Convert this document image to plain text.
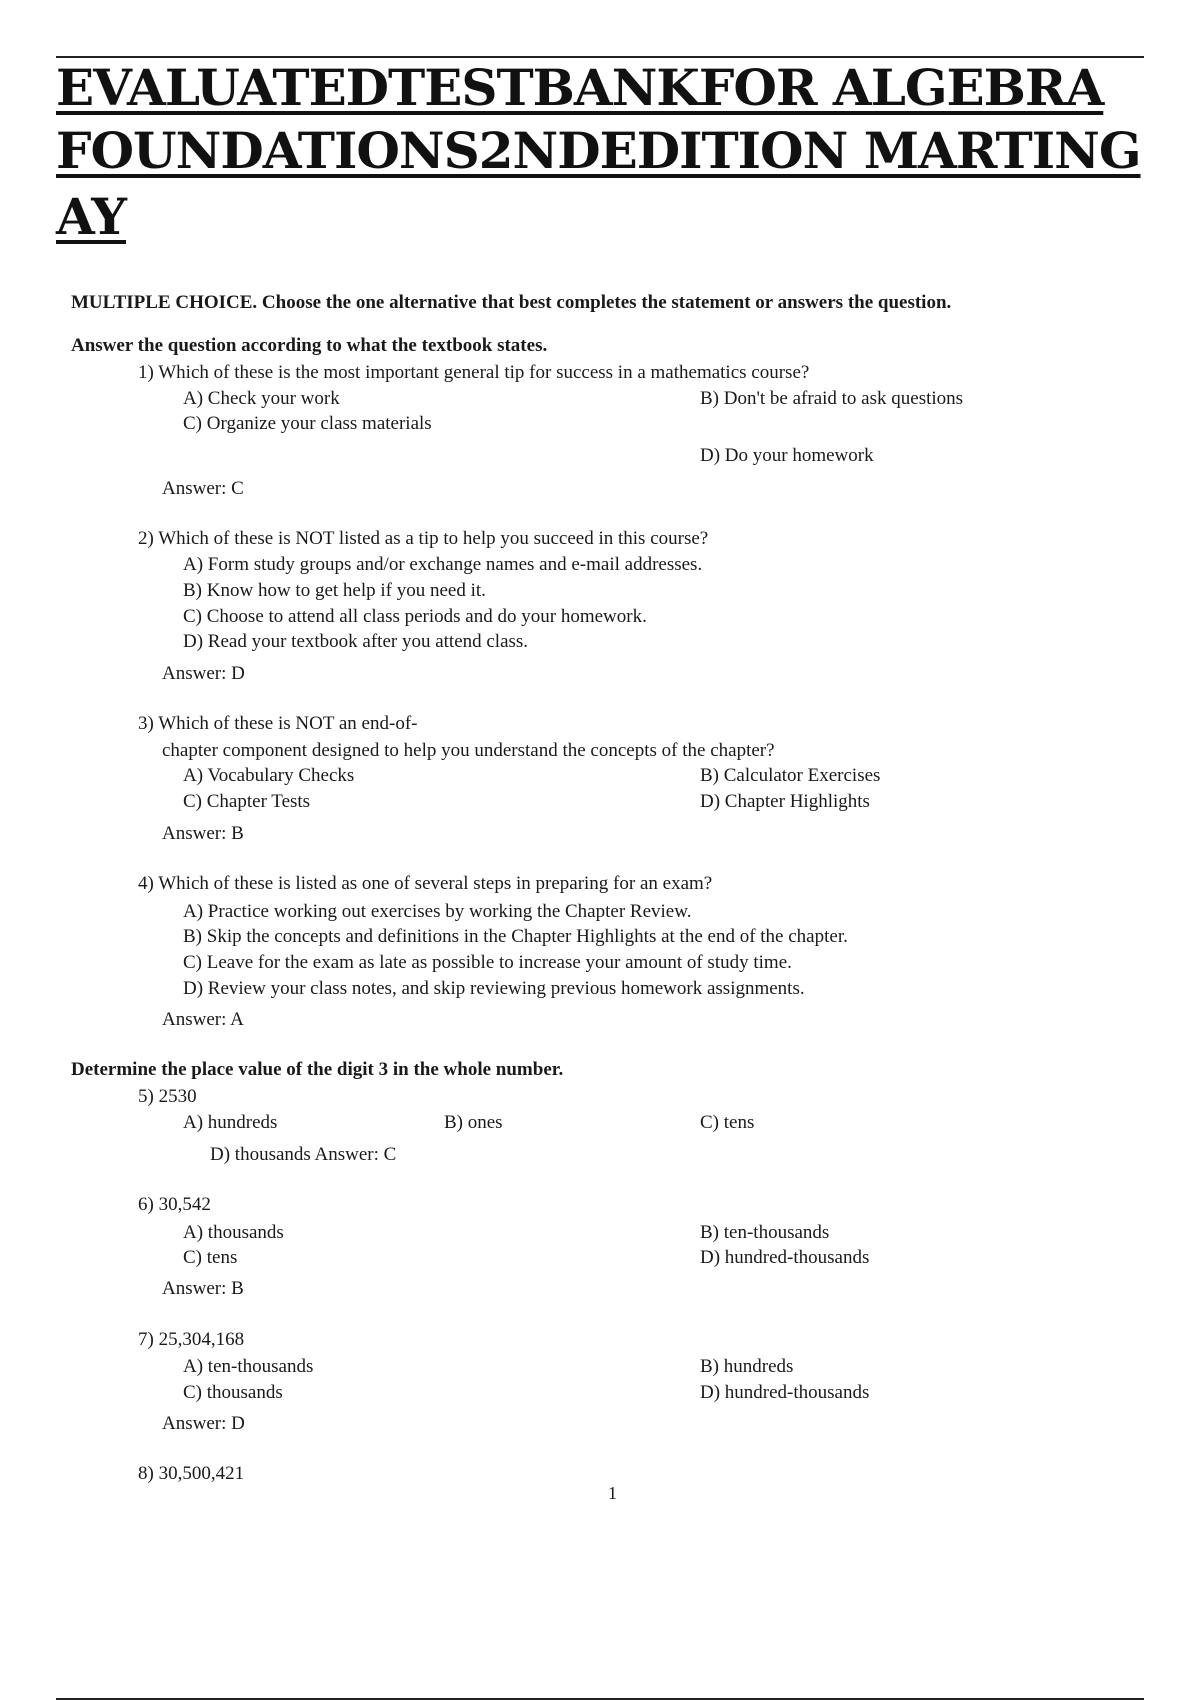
EVALUATEDTESTBANKFOR ALGEBRA
FOUNDATIONS2NDEDITION MARTING
AY
MULTIPLE CHOICE. Choose the one alternative that best completes the statement or answers the question.
Answer the question according to what the textbook states.
1) Which of these is the most important general tip for success in a mathematics course?
A) Check your work	B) Don't be afraid to ask questions
C) Organize your class materials
D) Do your homework
Answer: C
2) Which of these is NOT listed as a tip to help you succeed in this course?
A) Form study groups and/or exchange names and e-mail addresses.
B) Know how to get help if you need it.
C) Choose to attend all class periods and do your homework.
D) Read your textbook after you attend class.
Answer: D
3) Which of these is NOT an end-of-
chapter component designed to help you understand the concepts of the chapter?
A) Vocabulary Checks	B) Calculator Exercises
C) Chapter Tests	D) Chapter Highlights
Answer: B
4) Which of these is listed as one of several steps in preparing for an exam?
A) Practice working out exercises by working the Chapter Review.
B) Skip the concepts and definitions in the Chapter Highlights at the end of the chapter.
C) Leave for the exam as late as possible to increase your amount of study time.
D) Review your class notes, and skip reviewing previous homework assignments.
Answer: A
Determine the place value of the digit 3 in the whole number.
5) 2530
A) hundreds	B) ones	C) tens
D) thousands Answer: C
6) 30,542
A) thousands	B) ten-thousands
C) tens	D) hundred-thousands
Answer: B
7) 25,304,168
A) ten-thousands	B) hundreds
C) thousands	D) hundred-thousands
Answer: D
8) 30,500,421
1
